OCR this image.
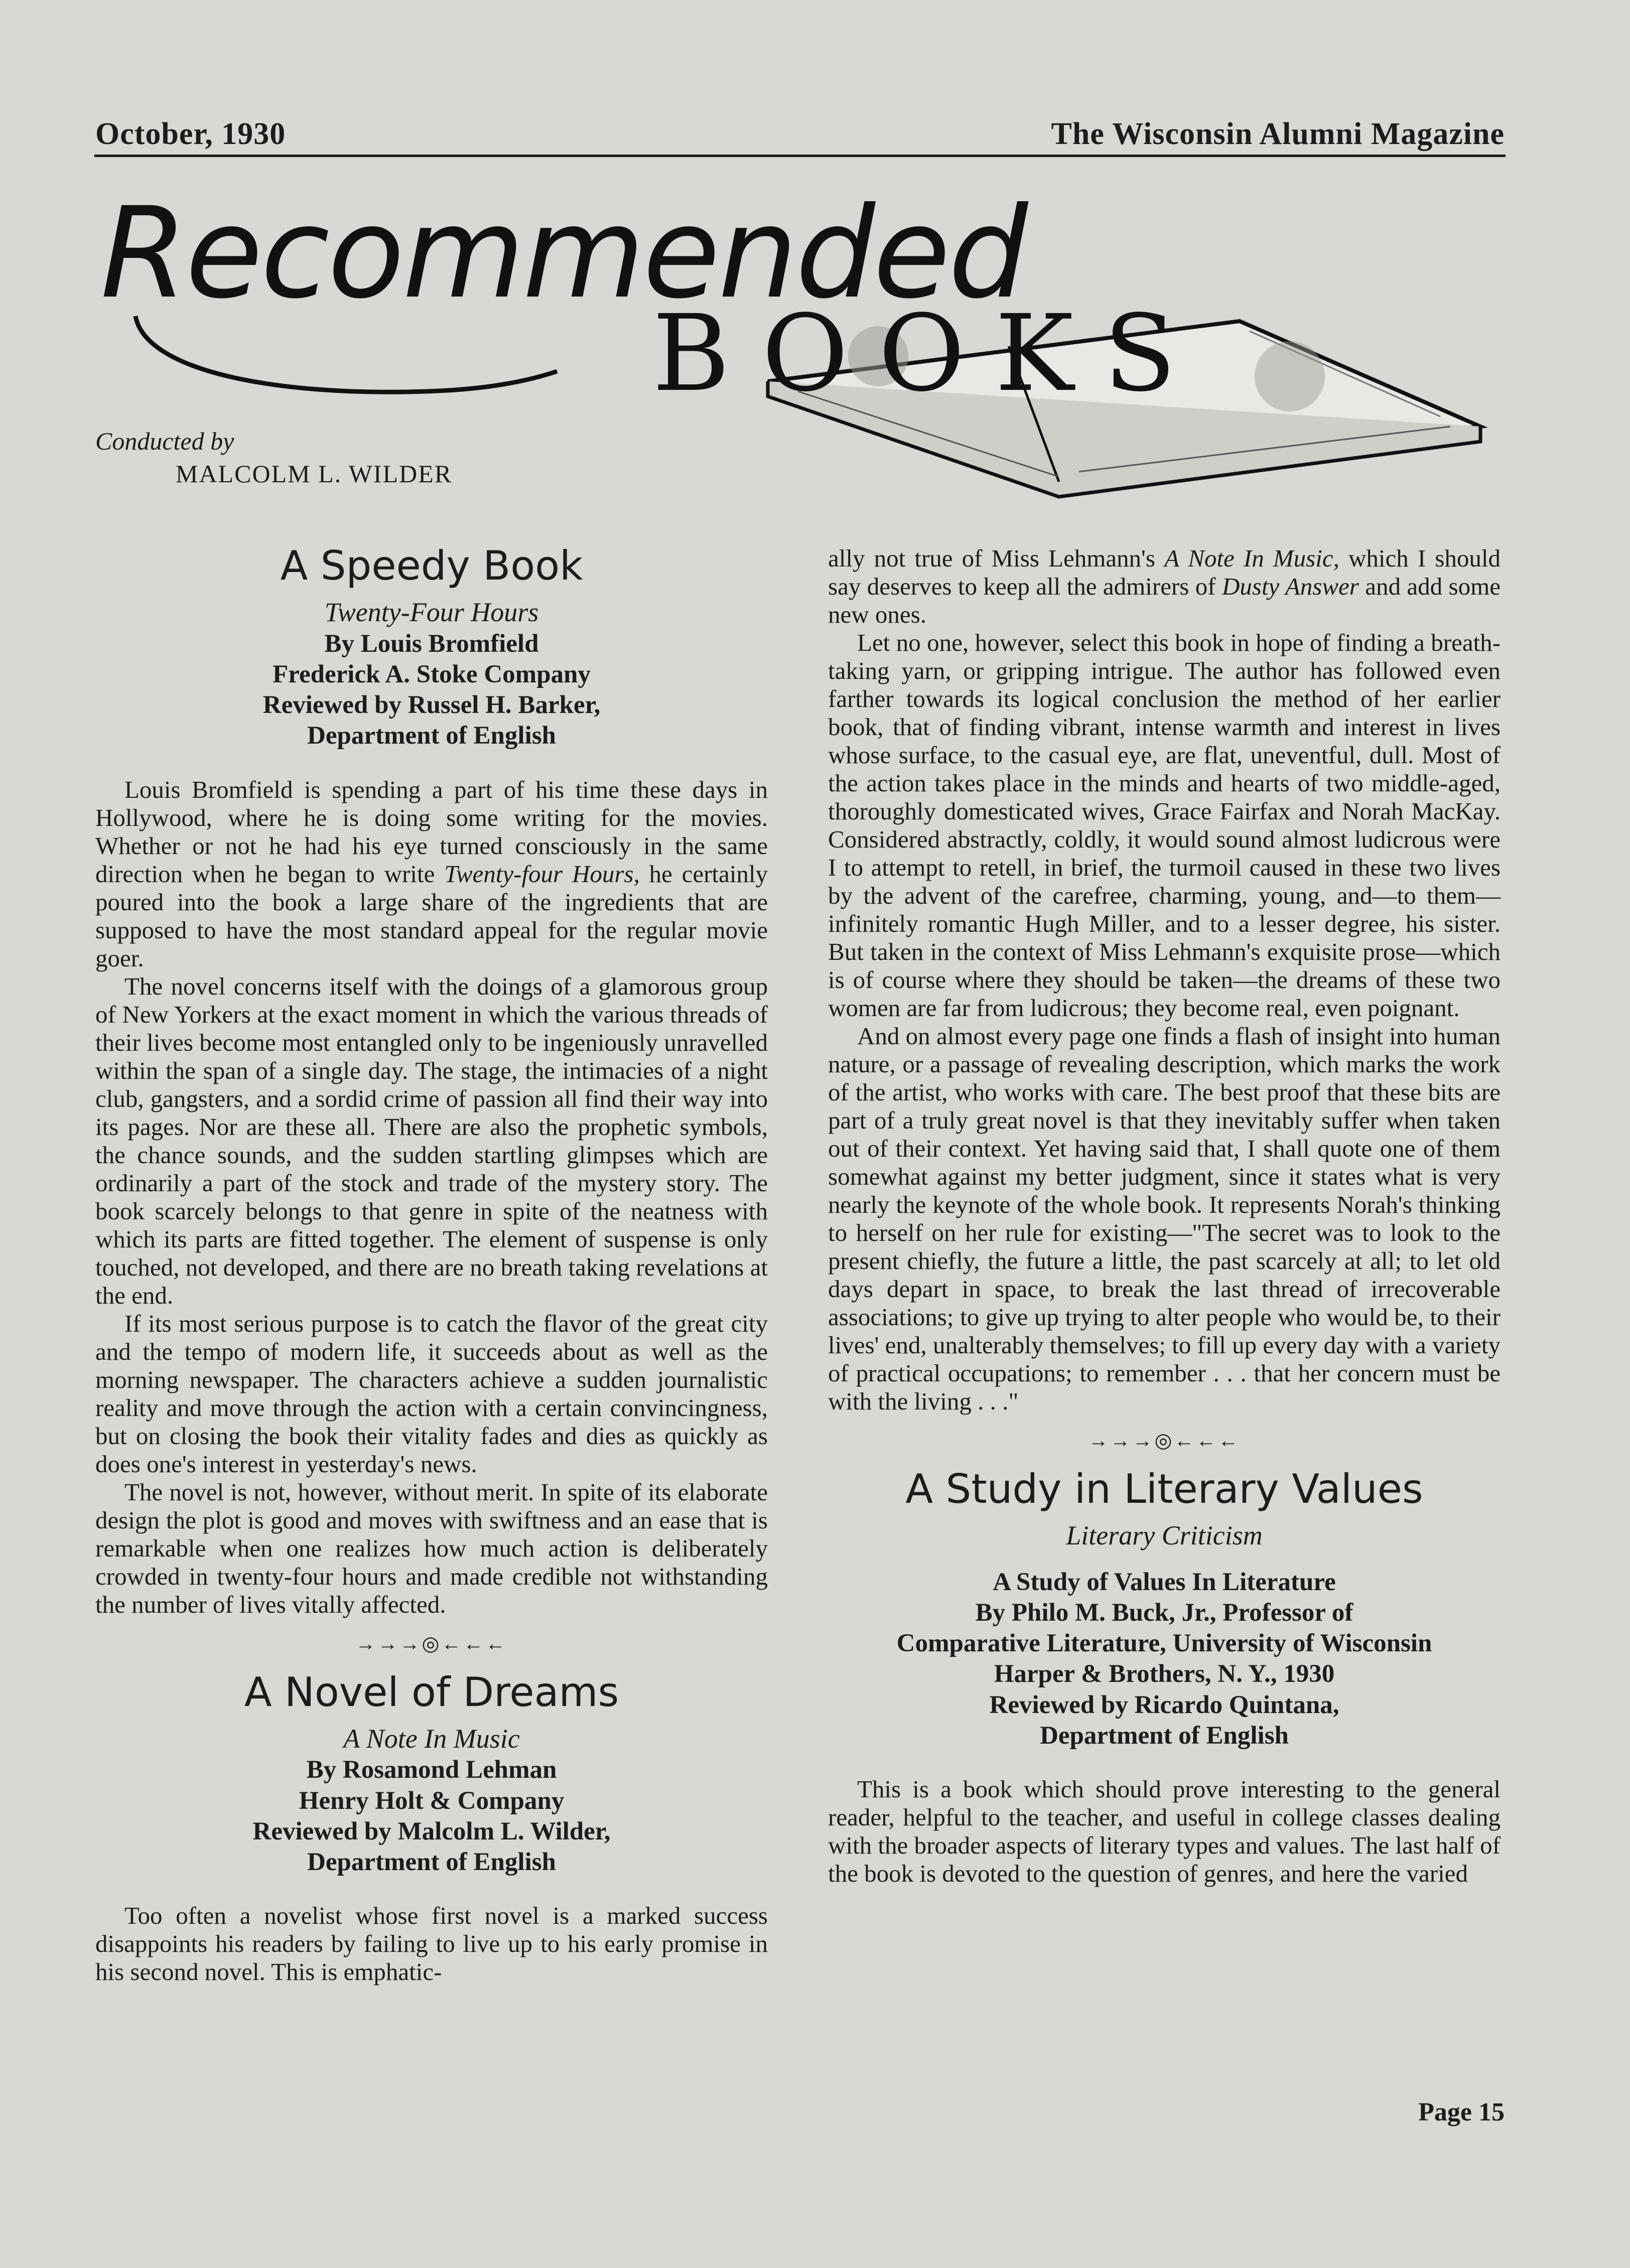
October, 1930	The Wisconsin Alumni Magazine
Recommended
BOOKS
Conducted by
MALCOLM L. WILDER
A Speedy Book
Twenty-Four Hours
By Louis Bromfield
Frederick A. Stoke Company
Reviewed by Russel H. Barker,
Department of English

Louis Bromfield is spending a part of his time these days in Hollywood, where he is doing some writing for the movies. Whether or not he had his eye turned consciously in the same direction when he began to write Twenty-four Hours, he certainly poured into the book a large share of the ingredients that are supposed to have the most standard appeal for the regular movie goer.

The novel concerns itself with the doings of a glamorous group of New Yorkers at the exact moment in which the various threads of their lives become most entangled only to be ingeniously unravelled within the span of a single day. The stage, the intimacies of a night club, gangsters, and a sordid crime of passion all find their way into its pages. Nor are these all. There are also the prophetic symbols, the chance sounds, and the sudden startling glimpses which are ordinarily a part of the stock and trade of the mystery story. The book scarcely belongs to that genre in spite of the neatness with which its parts are fitted together. The element of suspense is only touched, not developed, and there are no breath taking revelations at the end.

If its most serious purpose is to catch the flavor of the great city and the tempo of modern life, it succeeds about as well as the morning newspaper. The characters achieve a sudden journalistic reality and move through the action with a certain convincingness, but on closing the book their vitality fades and dies as quickly as does one's interest in yesterday's news.

The novel is not, however, without merit. In spite of its elaborate design the plot is good and moves with swiftness and an ease that is remarkable when one realizes how much action is deliberately crowded in twenty-four hours and made credible not withstanding the number of lives vitally affected.

→→→◎←←←
A Novel of Dreams
A Note In Music
By Rosamond Lehman
Henry Holt & Company
Reviewed by Malcolm L. Wilder,
Department of English

Too often a novelist whose first novel is a marked success disappoints his readers by failing to live up to his early promise in his second novel. This is emphatic-

ally not true of Miss Lehmann's A Note In Music, which I should say deserves to keep all the admirers of Dusty Answer and add some new ones.

Let no one, however, select this book in hope of finding a breath-taking yarn, or gripping intrigue. The author has followed even farther towards its logical conclusion the method of her earlier book, that of finding vibrant, intense warmth and interest in lives whose surface, to the casual eye, are flat, uneventful, dull. Most of the action takes place in the minds and hearts of two middle-aged, thoroughly domesticated wives, Grace Fairfax and Norah MacKay. Considered abstractly, coldly, it would sound almost ludicrous were I to attempt to retell, in brief, the turmoil caused in these two lives by the advent of the carefree, charming, young, and—to them—infinitely romantic Hugh Miller, and to a lesser degree, his sister. But taken in the context of Miss Lehmann's exquisite prose—which is of course where they should be taken—the dreams of these two women are far from ludicrous; they become real, even poignant.

And on almost every page one finds a flash of insight into human nature, or a passage of revealing description, which marks the work of the artist, who works with care. The best proof that these bits are part of a truly great novel is that they inevitably suffer when taken out of their context. Yet having said that, I shall quote one of them somewhat against my better judgment, since it states what is very nearly the keynote of the whole book. It represents Norah's thinking to herself on her rule for existing—"The secret was to look to the present chiefly, the future a little, the past scarcely at all; to let old days depart in space, to break the last thread of irrecoverable associations; to give up trying to alter people who would be, to their lives' end, unalterably themselves; to fill up every day with a variety of practical occupations; to remember . . . that her concern must be with the living . . ."

→→→◎←←←
A Study in Literary Values
Literary Criticism
A Study of Values In Literature
By Philo M. Buck, Jr., Professor of
Comparative Literature, University of Wisconsin
Harper & Brothers, N. Y., 1930
Reviewed by Ricardo Quintana,
Department of English

This is a book which should prove interesting to the general reader, helpful to the teacher, and useful in college classes dealing with the broader aspects of literary types and values. The last half of the book is devoted to the question of genres, and here the varied

Page 15
